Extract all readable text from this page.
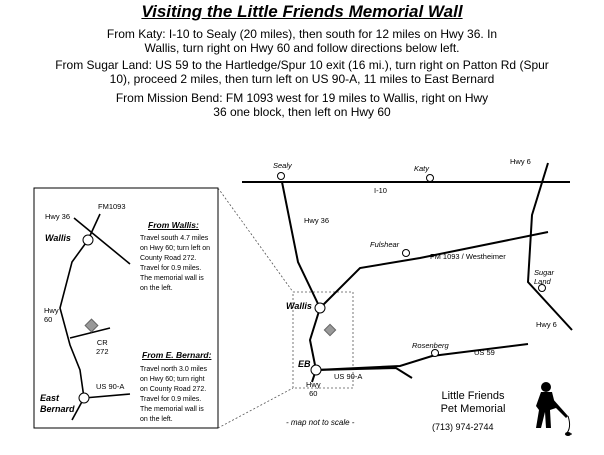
Visiting the Little Friends Memorial Wall
From Katy: I-10 to Sealy (20 miles), then south for 12 miles on Hwy 36. In Wallis, turn right on Hwy 60 and follow directions below left.
From Sugar Land: US 59 to the Hartledge/Spur 10 exit (16 mi.), turn right on Patton Rd (Spur 10), proceed 2 miles, then turn left on US 90-A, 11 miles to East Bernard
From Mission Bend: FM 1093 west for 19 miles to Wallis, right on Hwy 36 one block, then left on Hwy 60
Hwy 36
FM1093
Wallis
Hwy
60
CR
272
US 90-A
East
Bernard
From Wallis:
Travel south 4.7 miles on Hwy 60; turn left on County Road 272. Travel for 0.9 miles. The memorial wall is on the left.
From E. Bernard:
Travel north 3.0 miles on Hwy 60; turn right on County Road 272. Travel for 0.9 miles. The memorial wall is on the left.
Sealy	Katy
Hwy 6
I-10
Hwy 36
Fulshear
FM 1093 / Westheimer
Sugar
Land
Hwy 6
Wallis
Rosenberg
US 59
EB
US 90-A
Hwy
60
- map not to scale -
Little Friends
Pet Memorial
(713) 974-2744
